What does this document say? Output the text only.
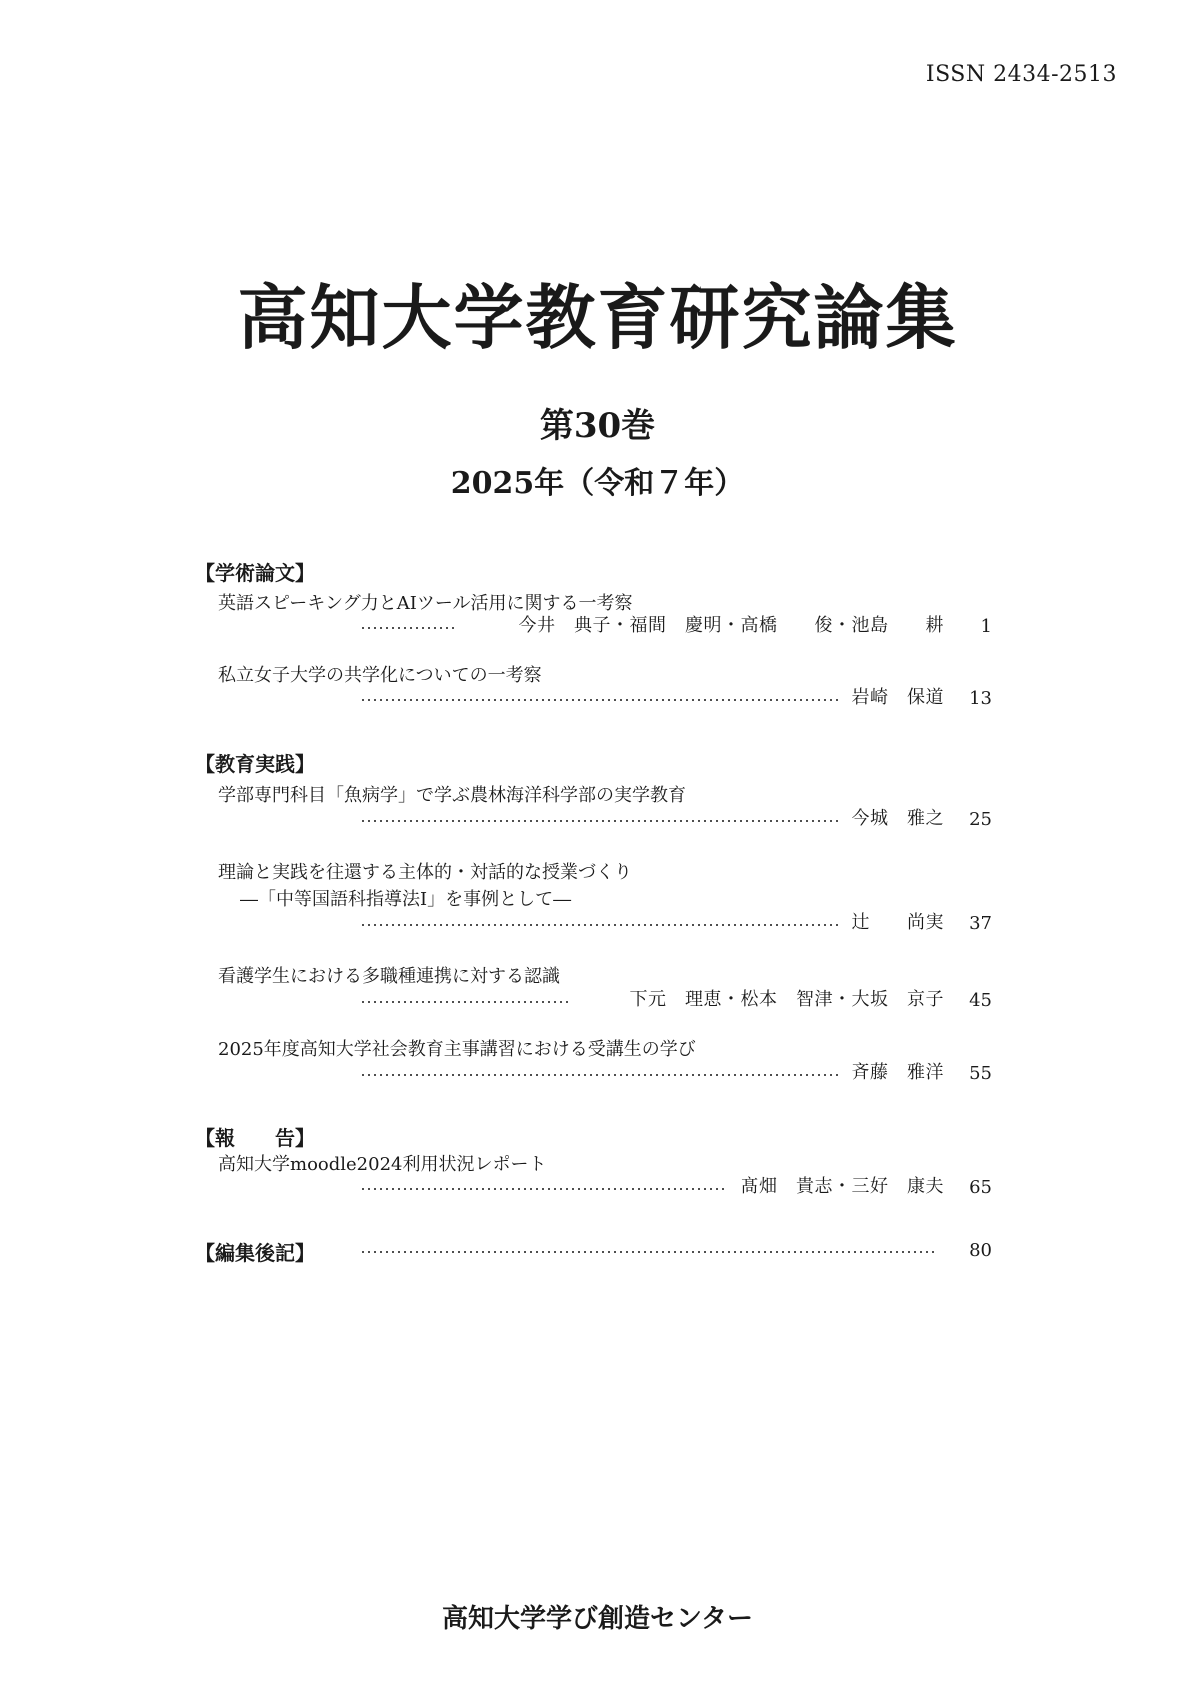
ISSN 2434-2513
高知大学教育研究論集
第30巻
2025年（令和７年）
【学術論文】
英語スピーキング力とAIツール活用に関する一考察
今井　典子・福間　慶明・高橋　　俊・池島　　耕	1
私立女子大学の共学化についての一考察
岩崎　保道	13
【教育実践】
学部専門科目「魚病学」で学ぶ農林海洋科学部の実学教育
今城　雅之	25
理論と実践を往還する主体的・対話的な授業づくり
―「中等国語科指導法Ⅰ」を事例として―
辻　　尚実	37
看護学生における多職種連携に対する認識
下元　理恵・松本　智津・大坂　京子	45
2025年度高知大学社会教育主事講習における受講生の学び
斉藤　雅洋	55
【報　　告】
高知大学moodle2024利用状況レポート
髙畑　貴志・三好　康夫	65
【編集後記】	80
高知大学学び創造センター
